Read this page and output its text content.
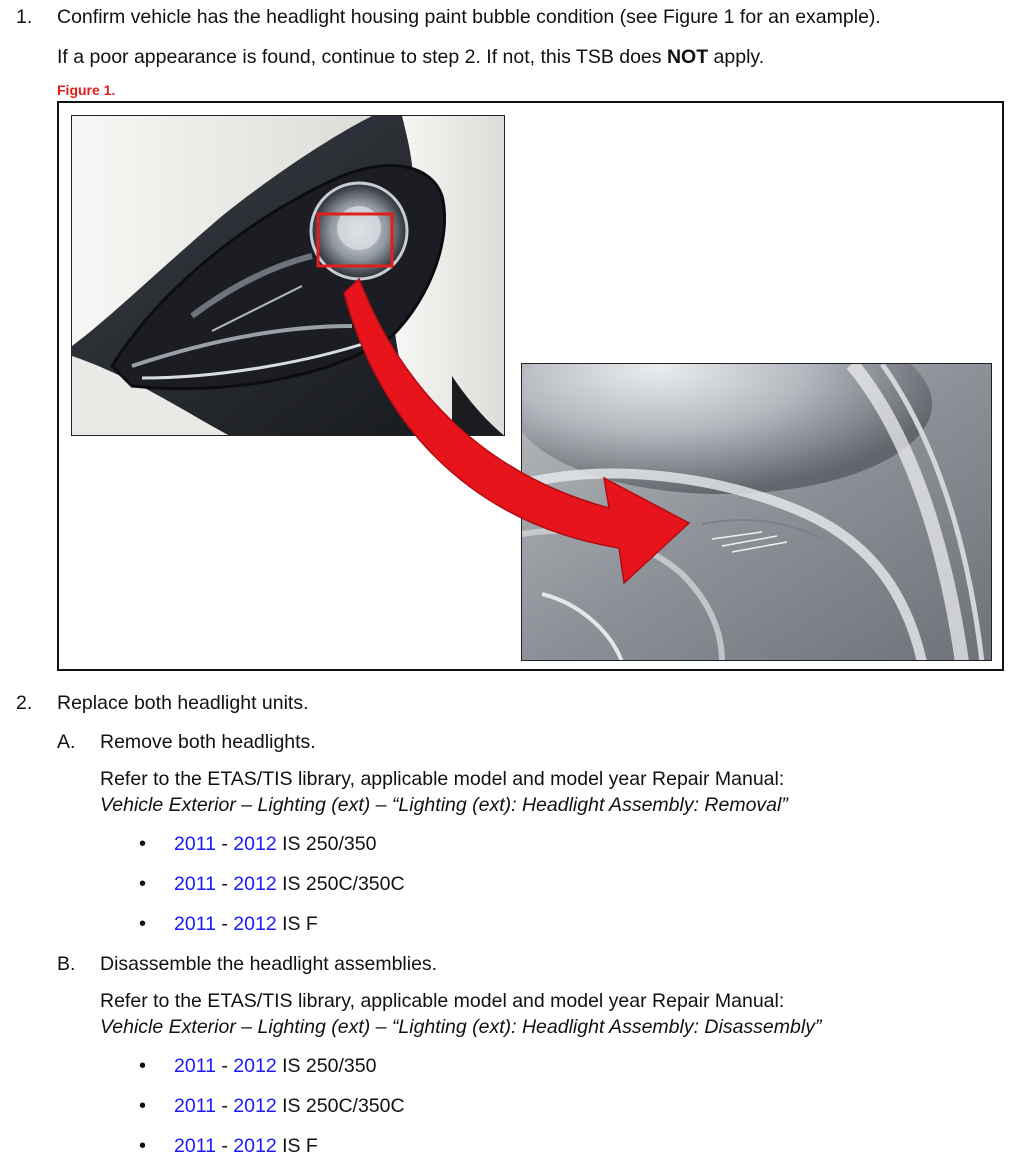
1. Confirm vehicle has the headlight housing paint bubble condition (see Figure 1 for an example).
If a poor appearance is found, continue to step 2. If not, this TSB does NOT apply.
Figure 1.
2. Replace both headlight units.
A. Remove both headlights.
Refer to the ETAS/TIS library, applicable model and model year Repair Manual:
Vehicle Exterior – Lighting (ext) – “Lighting (ext): Headlight Assembly: Removal”
• 2011 - 2012 IS 250/350
• 2011 - 2012 IS 250C/350C
• 2011 - 2012 IS F
B. Disassemble the headlight assemblies.
Refer to the ETAS/TIS library, applicable model and model year Repair Manual:
Vehicle Exterior – Lighting (ext) – “Lighting (ext): Headlight Assembly: Disassembly”
• 2011 - 2012 IS 250/350
• 2011 - 2012 IS 250C/350C
• 2011 - 2012 IS F
